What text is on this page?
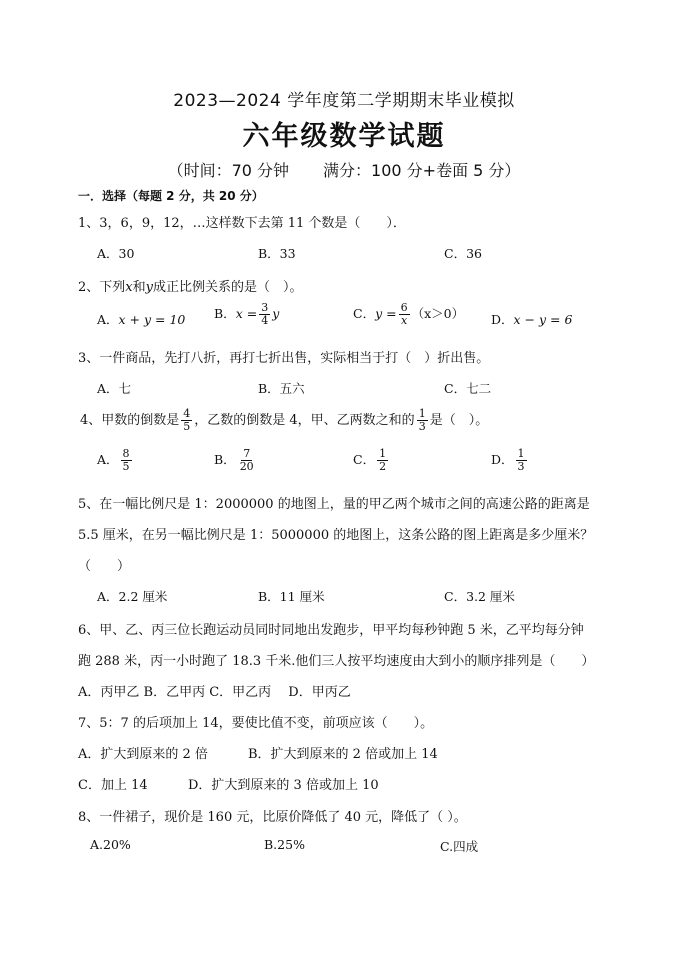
2023—2024 学年度第二学期期末毕业模拟
六年级数学试题
（时间：70 分钟 满分：100 分+卷面 5 分）
一．选择（每题 2 分，共 20 分）
1、3，6，9，12，…这样数下去第 11 个数是（　　）．
A．30	B．33	C．36
2、下列x和y成正比例关系的是（　）。
A．x + y = 10 B．$x = \frac{3}{4}$ y	C．$y = \frac{6}{x} (x>0)$ D．x − y = 6
3、一件商品，先打八折，再打七折出售，实际相当于打（　）折出售。
A．七	B．五六	C．七二
4、甲数的倒数是 $\frac{4}{5}$ ，乙数的倒数是 4，甲、乙两数之和的 $\frac{1}{3}$ 是（　）。
A． $\frac{8}{5}$	B． $\frac{7}{20}$	C． $\frac{1}{2}$	D． $\frac{1}{3}$
5、在一幅比例尺是 1：2000000 的地图上，量的甲乙两个城市之间的高速公路的距离是
5.5 厘米，在另一幅比例尺是 1：5000000 的地图上，这条公路的图上距离是多少厘米？
（　　）
A．2.2 厘米	B．11 厘米	C．3.2 厘米
6、甲、乙、丙三位长跑运动员同时同地出发跑步，甲平均每秒钟跑 5 米，乙平均每分钟
跑 288 米，丙一小时跑了 18.3 千米.他们三人按平均速度由大到小的顺序排列是（　　）
A．丙甲乙 B．乙甲丙 C．甲乙丙　 D．甲丙乙
7、5：7 的后项加上 14，要使比值不变，前项应该（　　）。
A．扩大到原来的 2 倍	B．扩大到原来的 2 倍或加上 14
C．加上 14	D．扩大到原来的 3 倍或加上 10
8、一件裙子，现价是 160 元，比原价降低了 40 元，降低了（ ）。
A.20%	B.25%	C.四成
